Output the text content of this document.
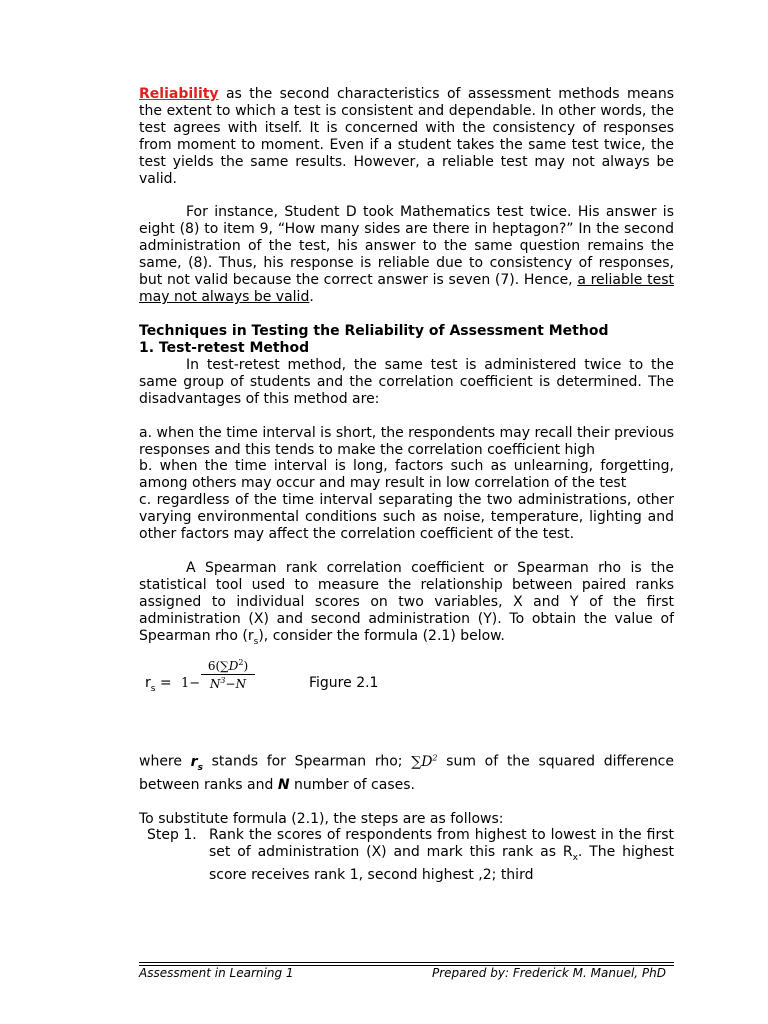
Reliability as the second characteristics of assessment methods means the extent to which a test is consistent and dependable. In other words, the test agrees with itself. It is concerned with the consistency of responses from moment to moment. Even if a student takes the same test twice, the test yields the same results. However, a reliable test may not always be valid.

For instance, Student D took Mathematics test twice. His answer is eight (8) to item 9, “How many sides are there in heptagon?” In the second administration of the test, his answer to the same question remains the same, (8). Thus, his response is reliable due to consistency of responses, but not valid because the correct answer is seven (7). Hence, a reliable test may not always be valid.

Techniques in Testing the Reliability of Assessment Method

1. Test-retest Method

In test-retest method, the same test is administered twice to the same group of students and the correlation coefficient is determined. The disadvantages of this method are:

a. when the time interval is short, the respondents may recall their previous responses and this tends to make the correlation coefficient high

b. when the time interval is long, factors such as unlearning, forgetting, among others may occur and may result in low correlation of the test

c. regardless of the time interval separating the two administrations, other varying environmental conditions such as noise, temperature, lighting and other factors may affect the correlation coefficient of the test.

A Spearman rank correlation coefficient or Spearman rho is the statistical tool used to measure the relationship between paired ranks assigned to individual scores on two variables, X and Y of the first administration (X) and second administration (Y). To obtain the value of Spearman rho $(r_s)$, consider the formula (2.1) below.

$r_s = 1- \frac{6(\sum D^2)}{N^3-N}$	Figure 2.1

where $r_s$ stands for Spearman rho; $\sum D^2$ sum of the squared difference between ranks and N number of cases.

To substitute formula (2.1), the steps are as follows:

Step 1. Rank the scores of respondents from highest to lowest in the first set of administration (X) and mark this rank as $R_x$. The highest score receives rank 1, second highest ,2; third
Assessment in Learning 1	Prepared by: Frederick M. Manuel, PhD
